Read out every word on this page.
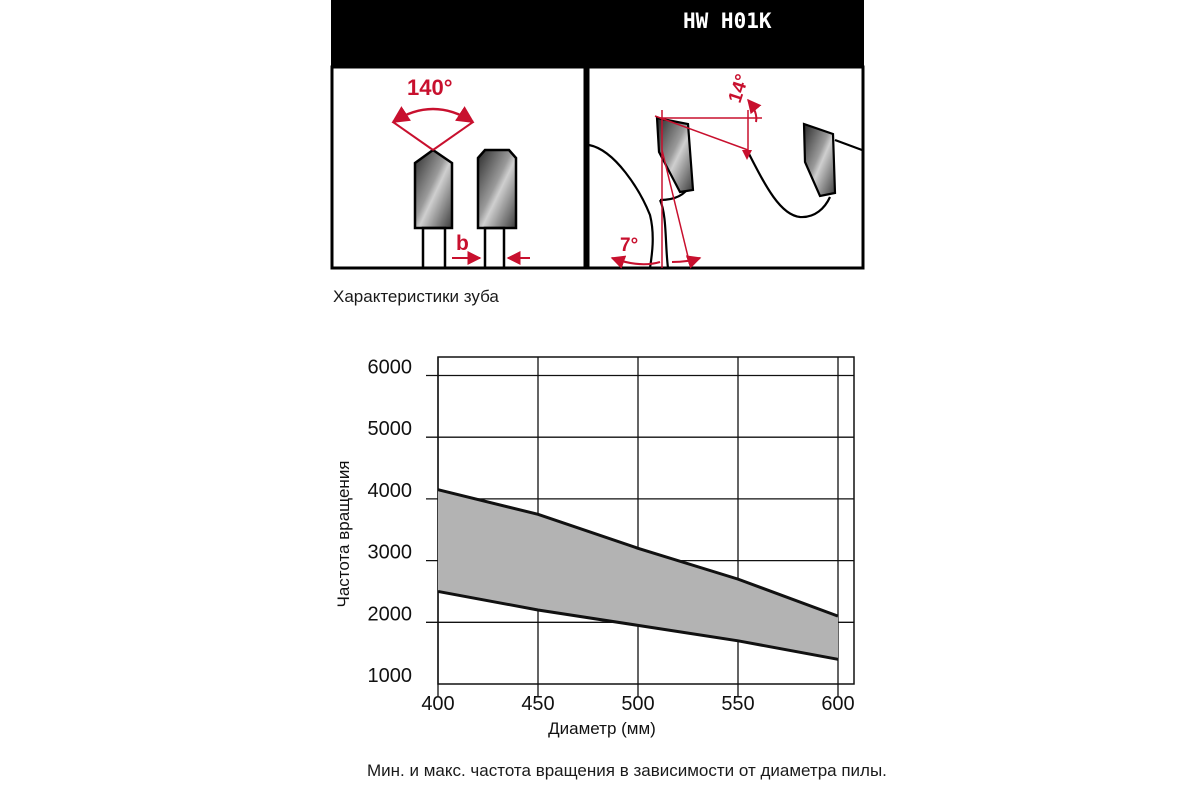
HW H01K
140°
b
14°
7°
Характеристики зуба
1000
2000
3000
4000
5000
6000
400	450	500	550	600
Частота вращения
Диаметр (мм)
Мин. и макс. частота вращения в зависимости от диаметра пилы.
